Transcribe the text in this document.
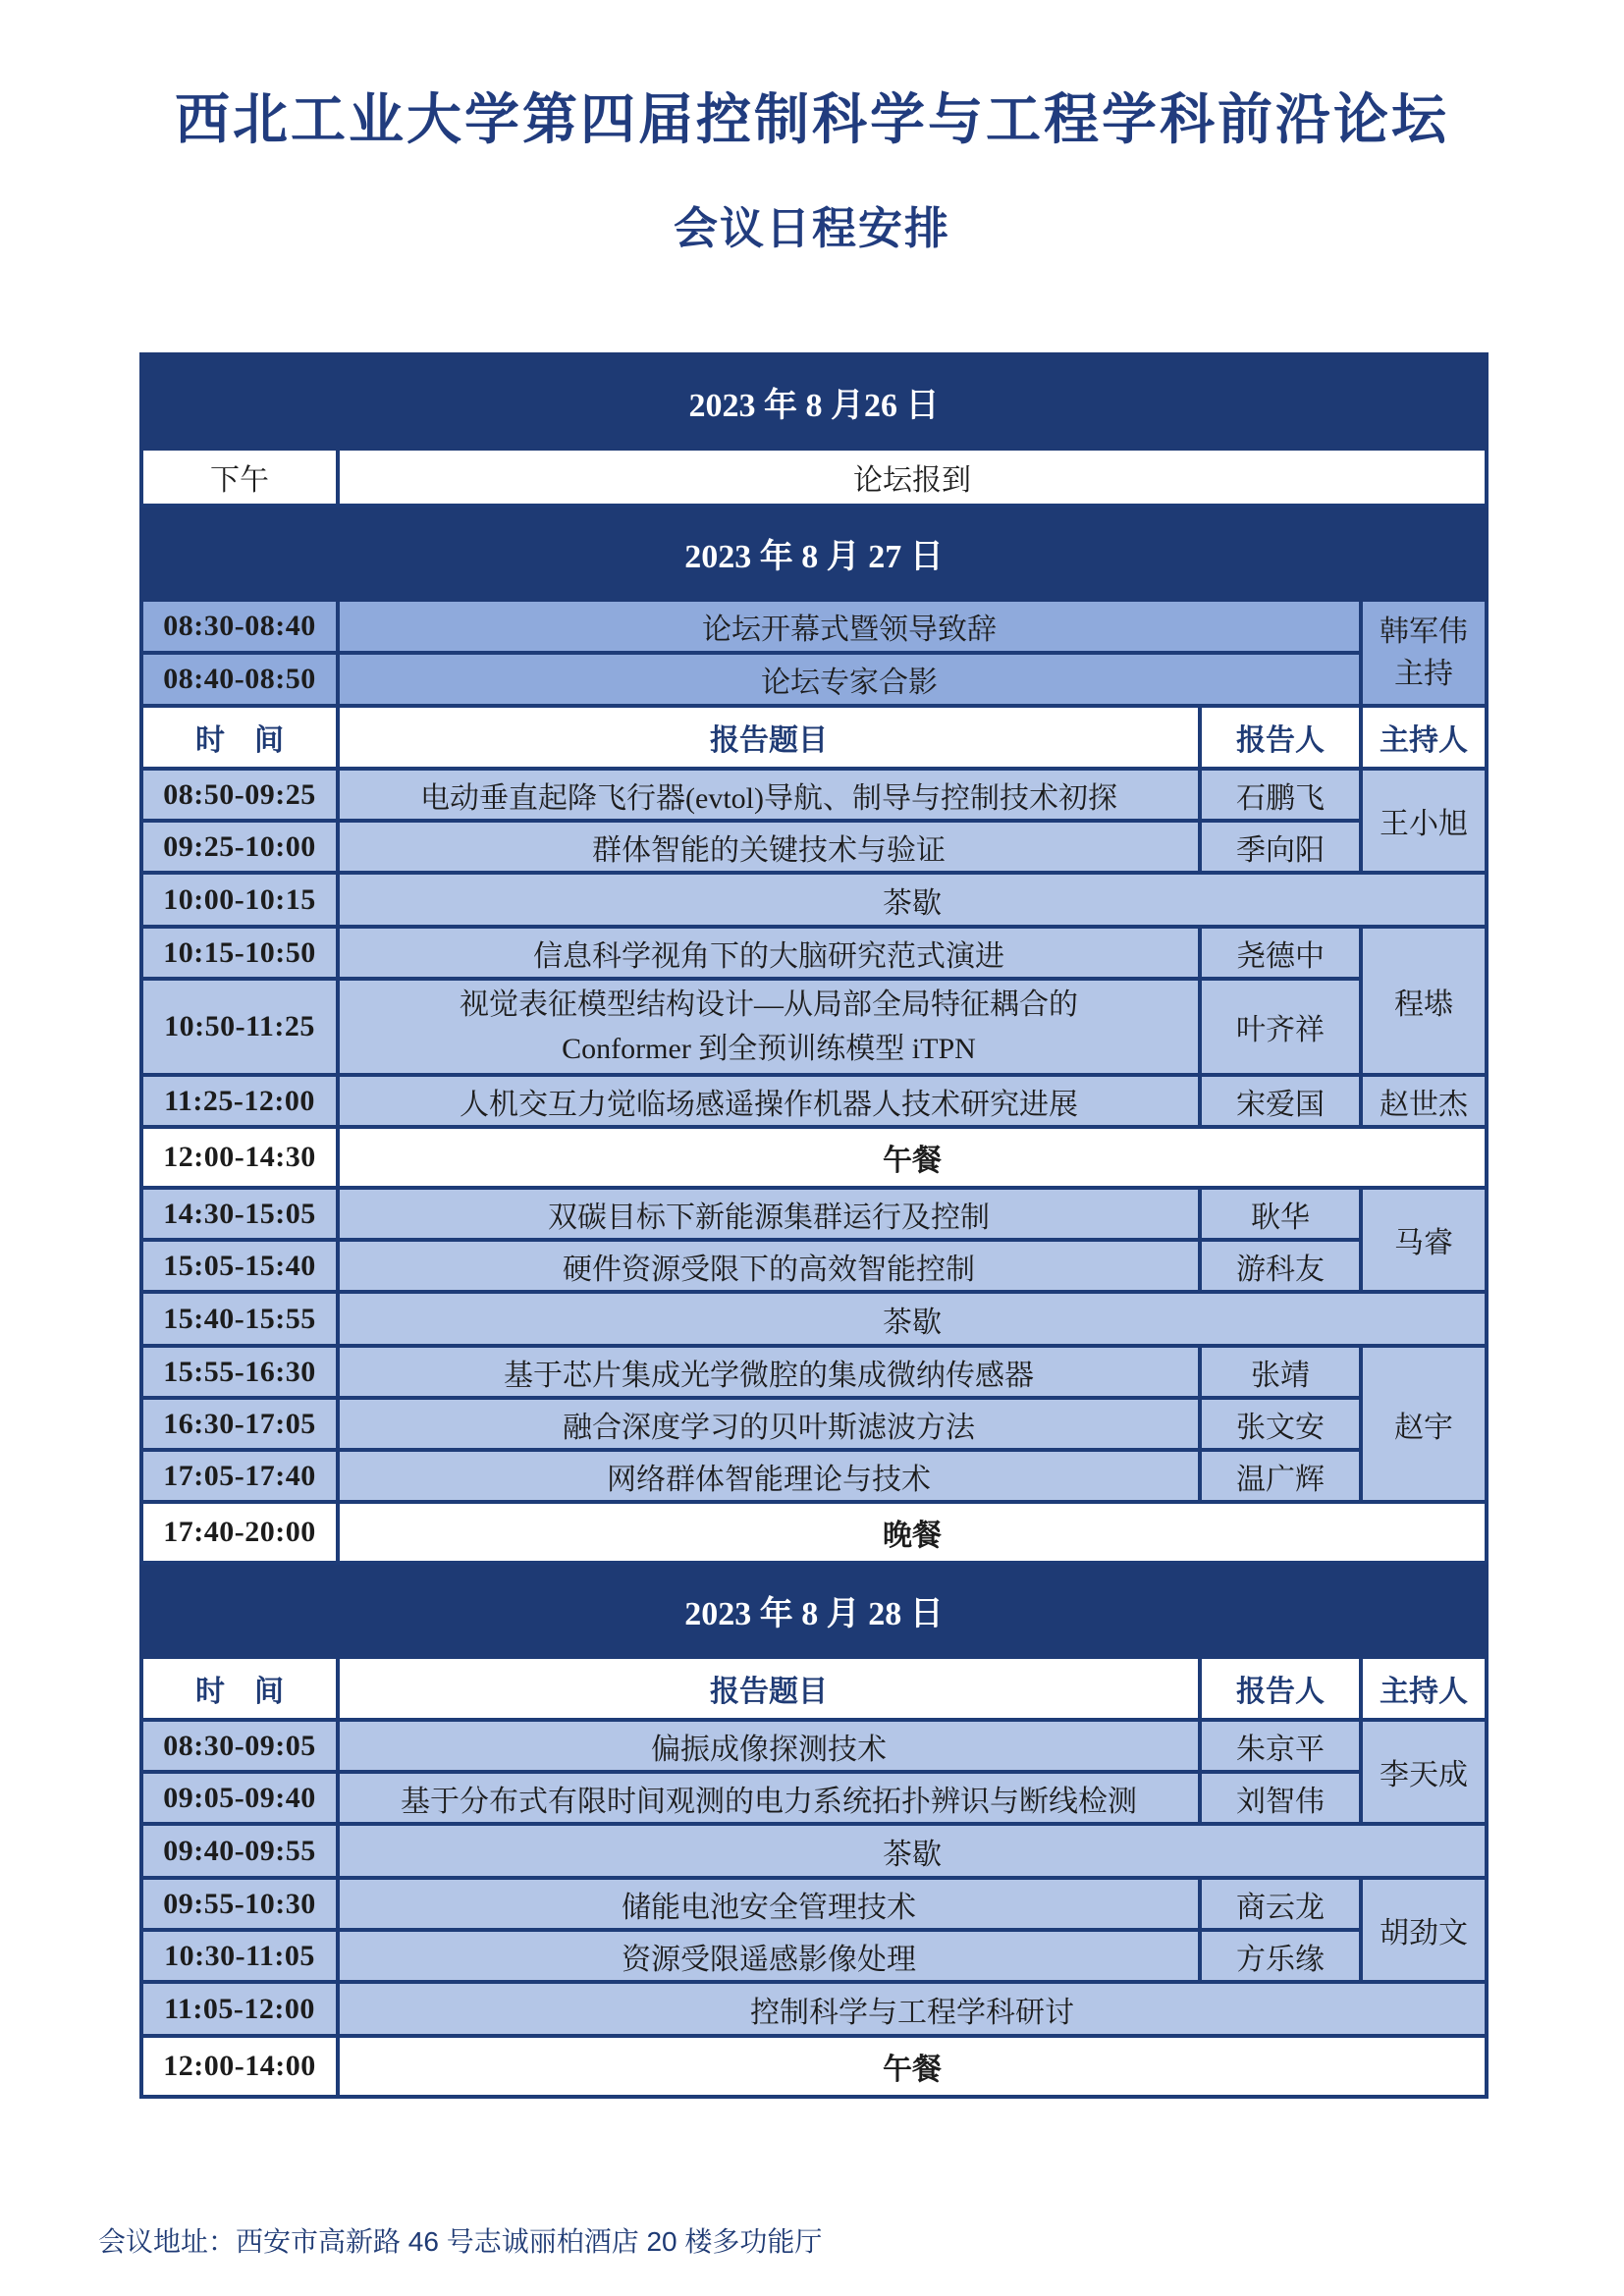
西北工业大学第四届控制科学与工程学科前沿论坛
会议日程安排
2023 年 8 月26 日			
下午	论坛报到		
2023 年 8 月 27 日			
08:30-08:40	论坛开幕式暨领导致辞		韩军伟
主持

08:40-08:50	论坛专家合影		
时　间	报告题目	报告人	主持人
08:50-09:25	电动垂直起降飞行器(evtol)导航、制导与控制技术初探	石鹏飞	王小旭
09:25-10:00	群体智能的关键技术与验证	季向阳	
10:00-10:15	茶歇		
10:15-10:50	信息科学视角下的大脑研究范式演进	尧德中	程塨
10:50-11:25	视觉表征模型结构设计—从局部全局特征耦合的
Conformer 到全预训练模型 iTPN	叶齐祥	
11:25-12:00	人机交互力觉临场感遥操作机器人技术研究进展	宋爱国	赵世杰
12:00-14:30	午餐		
14:30-15:05	双碳目标下新能源集群运行及控制	耿华	马睿
15:05-15:40	硬件资源受限下的高效智能控制	游科友	
15:40-15:55	茶歇		
15:55-16:30	基于芯片集成光学微腔的集成微纳传感器	张靖	赵宇
16:30-17:05	融合深度学习的贝叶斯滤波方法	张文安	
17:05-17:40	网络群体智能理论与技术	温广辉	
17:40-20:00	晚餐		
2023 年 8 月 28 日			
时　间	报告题目	报告人	主持人
08:30-09:05	偏振成像探测技术	朱京平	李天成
09:05-09:40	基于分布式有限时间观测的电力系统拓扑辨识与断线检测	刘智伟	
09:40-09:55	茶歇		
09:55-10:30	储能电池安全管理技术	商云龙	胡劲文
10:30-11:05	资源受限遥感影像处理	方乐缘	
11:05-12:00	控制科学与工程学科研讨		
12:00-14:00	午餐		
会议地址：西安市高新路 46 号志诚丽柏酒店 20 楼多功能厅
